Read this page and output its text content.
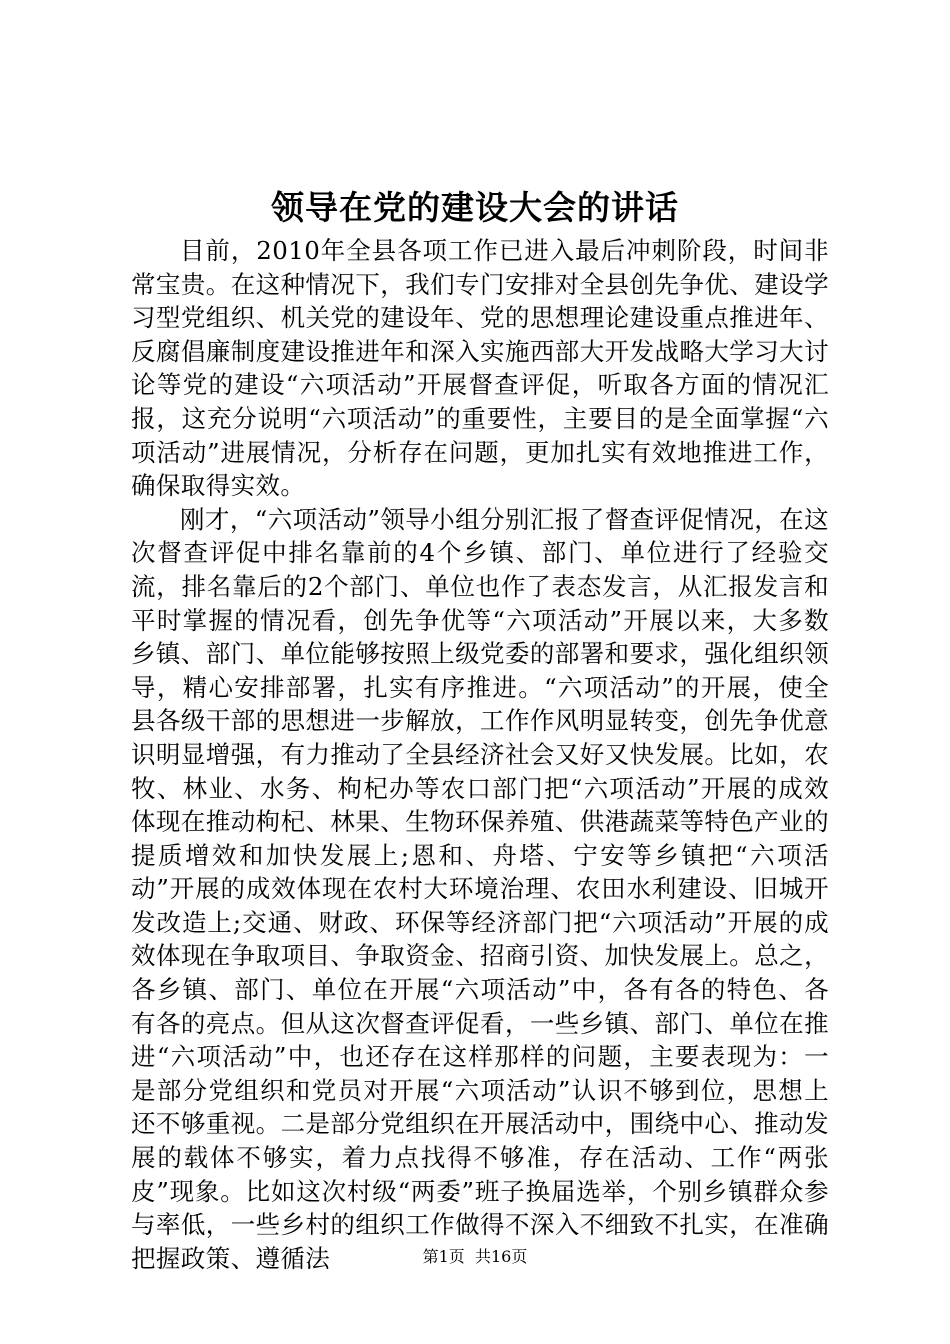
领导在党的建设大会的讲话

目前，2010年全县各项工作已进入最后冲刺阶段，时间非常宝贵。在这种情况下，我们专门安排对全县创先争优、建设学习型党组织、机关党的建设年、党的思想理论建设重点推进年、反腐倡廉制度建设推进年和深入实施西部大开发战略大学习大讨论等党的建设“六项活动”开展督查评促，听取各方面的情况汇报，这充分说明“六项活动”的重要性，主要目的是全面掌握“六项活动”进展情况，分析存在问题，更加扎实有效地推进工作，确保取得实效。

刚才，“六项活动”领导小组分别汇报了督查评促情况，在这次督查评促中排名靠前的4个乡镇、部门、单位进行了经验交流，排名靠后的2个部门、单位也作了表态发言，从汇报发言和平时掌握的情况看，创先争优等“六项活动”开展以来，大多数乡镇、部门、单位能够按照上级党委的部署和要求，强化组织领导，精心安排部署，扎实有序推进。“六项活动”的开展，使全县各级干部的思想进一步解放，工作作风明显转变，创先争优意识明显增强，有力推动了全县经济社会又好又快发展。比如，农牧、林业、水务、枸杞办等农口部门把“六项活动”开展的成效体现在推动枸杞、林果、生物环保养殖、供港蔬菜等特色产业的提质增效和加快发展上;恩和、舟塔、宁安等乡镇把“六项活动”开展的成效体现在农村大环境治理、农田水利建设、旧城开发改造上;交通、财政、环保等经济部门把“六项活动”开展的成效体现在争取项目、争取资金、招商引资、加快发展上。总之，各乡镇、部门、单位在开展“六项活动”中，各有各的特色、各有各的亮点。但从这次督查评促看，一些乡镇、部门、单位在推进“六项活动”中，也还存在这样那样的问题，主要表现为：一是部分党组织和党员对开展“六项活动”认识不够到位，思想上还不够重视。二是部分党组织在开展活动中，围绕中心、推动发展的载体不够实，着力点找得不够准，存在活动、工作“两张皮”现象。比如这次村级“两委”班子换届选举，个别乡镇群众参与率低，一些乡村的组织工作做得不深入不细致不扎实，在准确把握政策、遵循法	第1页 共16页
